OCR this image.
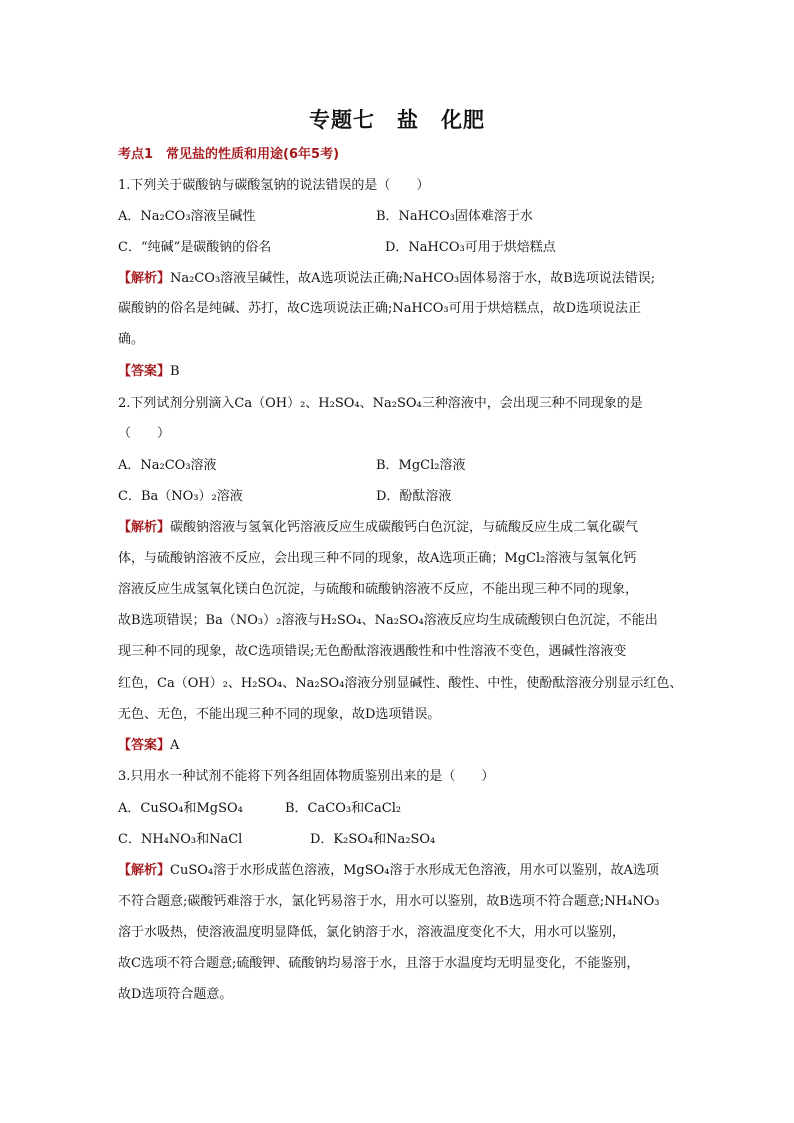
专题七　 盐　 化肥
考点1　常见盐的性质和用途(6年5考)
1.下列关于碳酸钠与碳酸氢钠的说法错误的是（　　）
A．Na₂CO₃溶液呈碱性	B．NaHCO₃固体难溶于水
C．“纯碱”是碳酸钠的俗名	D．NaHCO₃可用于烘焙糕点
【解析】Na₂CO₃溶液呈碱性，故A选项说法正确;NaHCO₃固体易溶于水，故B选项说法错误;
碳酸钠的俗名是纯碱、苏打，故C选项说法正确;NaHCO₃可用于烘焙糕点，故D选项说法正
确。
【答案】B
2.下列试剂分别滴入Ca（OH）₂、H₂SO₄、Na₂SO₄三种溶液中，会出现三种不同现象的是
（　　）
A．Na₂CO₃溶液	B．MgCl₂溶液
C．Ba（NO₃）₂溶液	D．酚酞溶液
【解析】碳酸钠溶液与氢氧化钙溶液反应生成碳酸钙白色沉淀，与硫酸反应生成二氧化碳气
体，与硫酸钠溶液不反应，会出现三种不同的现象，故A选项正确；MgCl₂溶液与氢氧化钙
溶液反应生成氢氧化镁白色沉淀，与硫酸和硫酸钠溶液不反应，不能出现三种不同的现象，
故B选项错误；Ba（NO₃）₂溶液与H₂SO₄、Na₂SO₄溶液反应均生成硫酸钡白色沉淀，不能出
现三种不同的现象，故C选项错误;无色酚酞溶液遇酸性和中性溶液不变色，遇碱性溶液变
红色，Ca（OH）₂、H₂SO₄、Na₂SO₄溶液分别显碱性、酸性、中性，使酚酞溶液分别显示红色、
无色、无色，不能出现三种不同的现象，故D选项错误。
【答案】A
3.只用水一种试剂不能将下列各组固体物质鉴别出来的是（　　）
A．CuSO₄和MgSO₄	B．CaCO₃和CaCl₂
C．NH₄NO₃和NaCl	D．K₂SO₄和Na₂SO₄
【解析】CuSO₄溶于水形成蓝色溶液，MgSO₄溶于水形成无色溶液，用水可以鉴别，故A选项
不符合题意;碳酸钙难溶于水，氯化钙易溶于水，用水可以鉴别，故B选项不符合题意;NH₄NO₃
溶于水吸热，使溶液温度明显降低，氯化钠溶于水，溶液温度变化不大，用水可以鉴别，
故C选项不符合题意;硫酸钾、硫酸钠均易溶于水，且溶于水温度均无明显变化，不能鉴别，
故D选项符合题意。
